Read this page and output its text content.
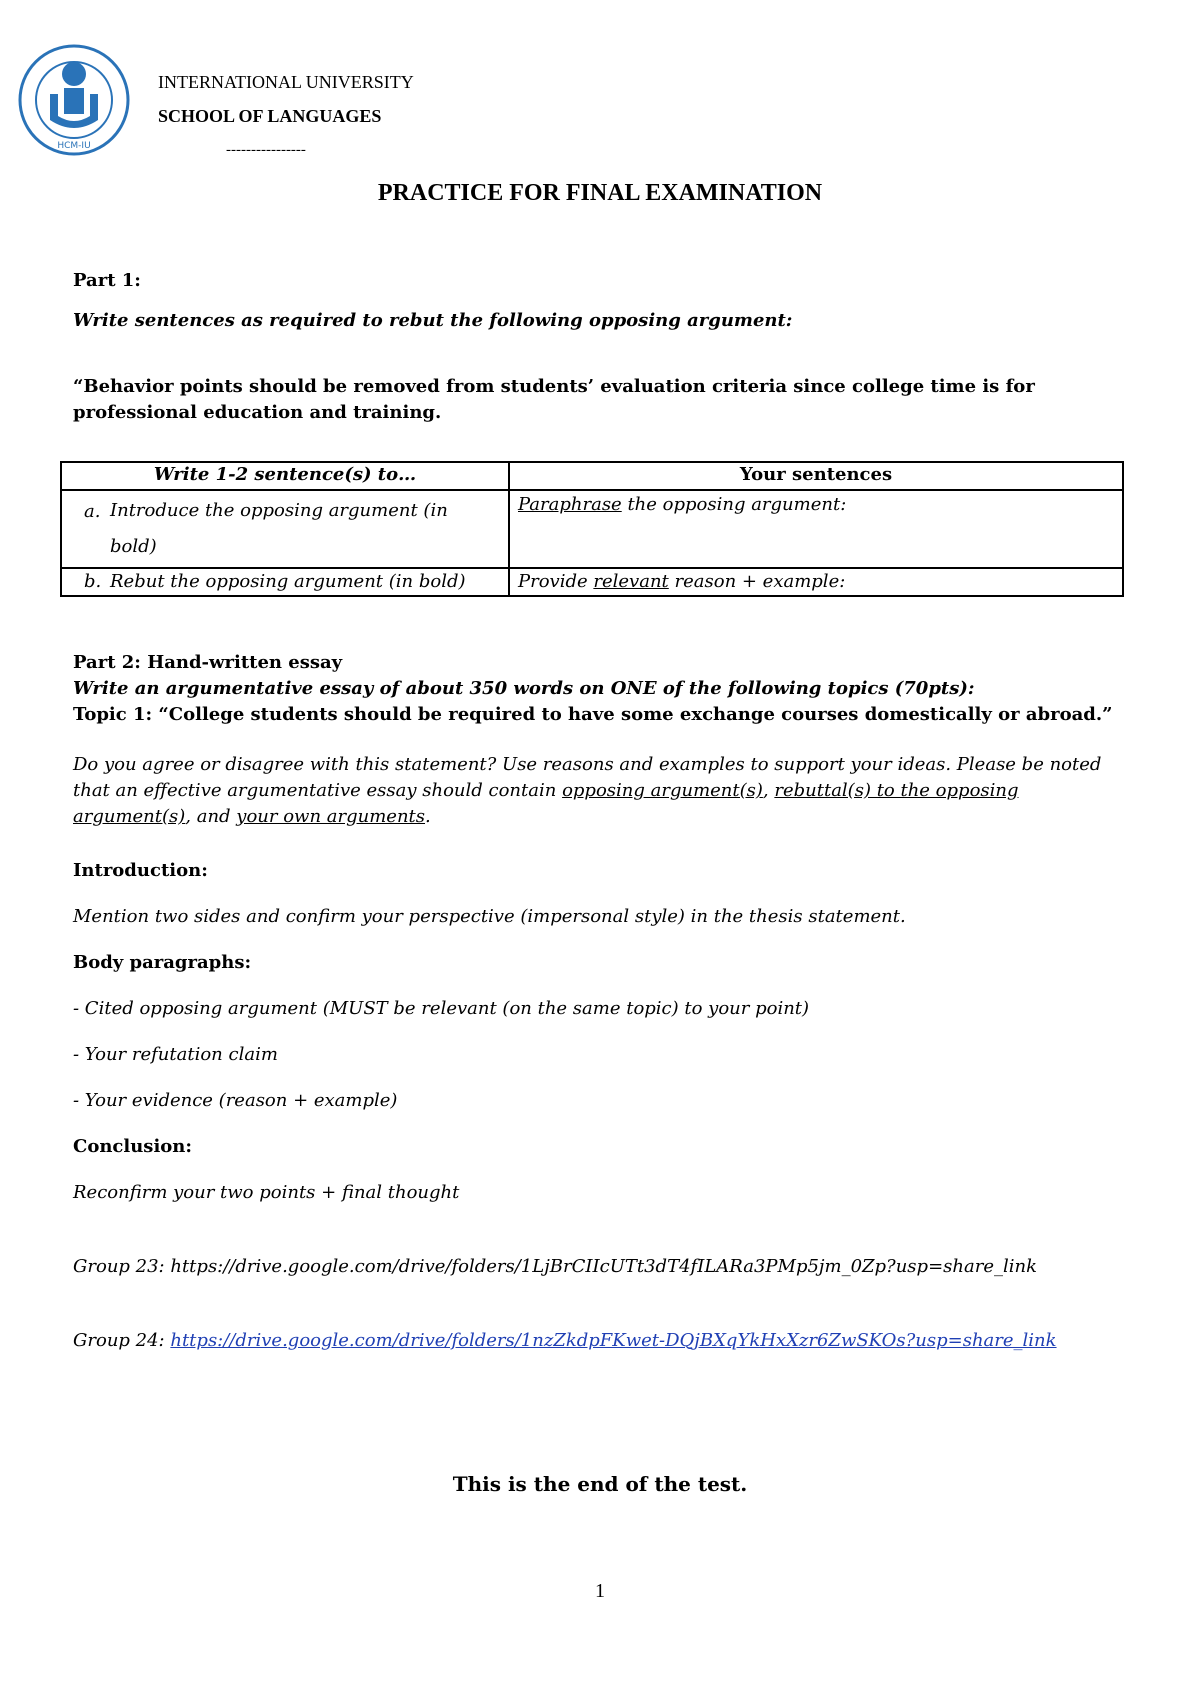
HCM-IU
INTERNATIONAL UNIVERSITY
SCHOOL OF LANGUAGES
----------------
PRACTICE FOR FINAL EXAMINATION
Part 1:
Write sentences as required to rebut the following opposing argument:
“Behavior points should be removed from students’ evaluation criteria since college time is for professional education and training.
Write 1-2 sentence(s) to…	Your sentences

a. Introduce the opposing argument (in bold)	Paraphrase the opposing argument:

b. Rebut the opposing argument (in bold)	Provide relevant reason + example:
Part 2: Hand-written essay
Write an argumentative essay of about 350 words on ONE of the following topics (70pts):
Topic 1: “College students should be required to have some exchange courses domestically or abroad.”
Do you agree or disagree with this statement? Use reasons and examples to support your ideas. Please be noted that an effective argumentative essay should contain opposing argument(s), rebuttal(s) to the opposing argument(s), and your own arguments.
Introduction:
Mention two sides and confirm your perspective (impersonal style) in the thesis statement.
Body paragraphs:
- Cited opposing argument (MUST be relevant (on the same topic) to your point)
- Your refutation claim
- Your evidence (reason + example)
Conclusion:
Reconfirm your two points + final thought
Group 23: https://drive.google.com/drive/folders/1LjBrCIIcUTt3dT4fILARa3PMp5jm_0Zp?usp=share_link
Group 24: https://drive.google.com/drive/folders/1nzZkdpFKwet-DQjBXqYkHxXzr6ZwSKOs?usp=share_link
This is the end of the test.
1
